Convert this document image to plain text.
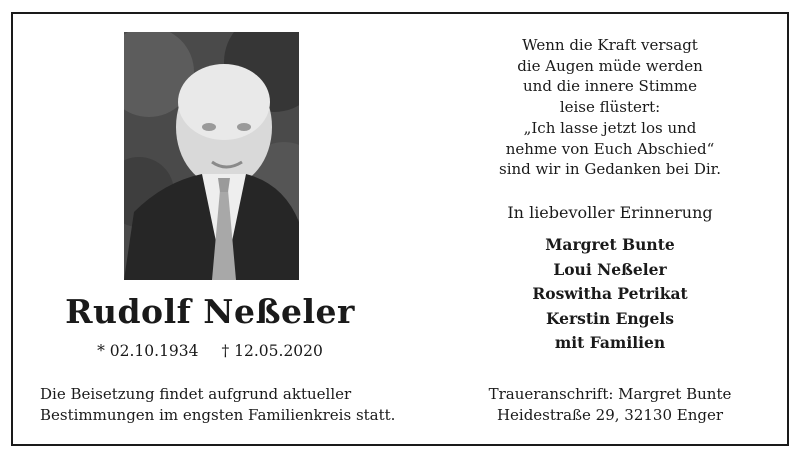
Rudolf Neßeler
* 02.10.1934 † 12.05.2020
Die Beisetzung findet aufgrund aktueller
Bestimmungen im engsten Familienkreis statt.
Wenn die Kraft versagt
die Augen müde werden
und die innere Stimme
leise flüstert:
„Ich lasse jetzt los und
nehme von Euch Abschied“
sind wir in Gedanken bei Dir.
In liebevoller Erinnerung
Margret Bunte
Loui Neßeler
Roswitha Petrikat
Kerstin Engels
mit Familien
Traueranschrift: Margret Bunte
Heidestraße 29, 32130 Enger
